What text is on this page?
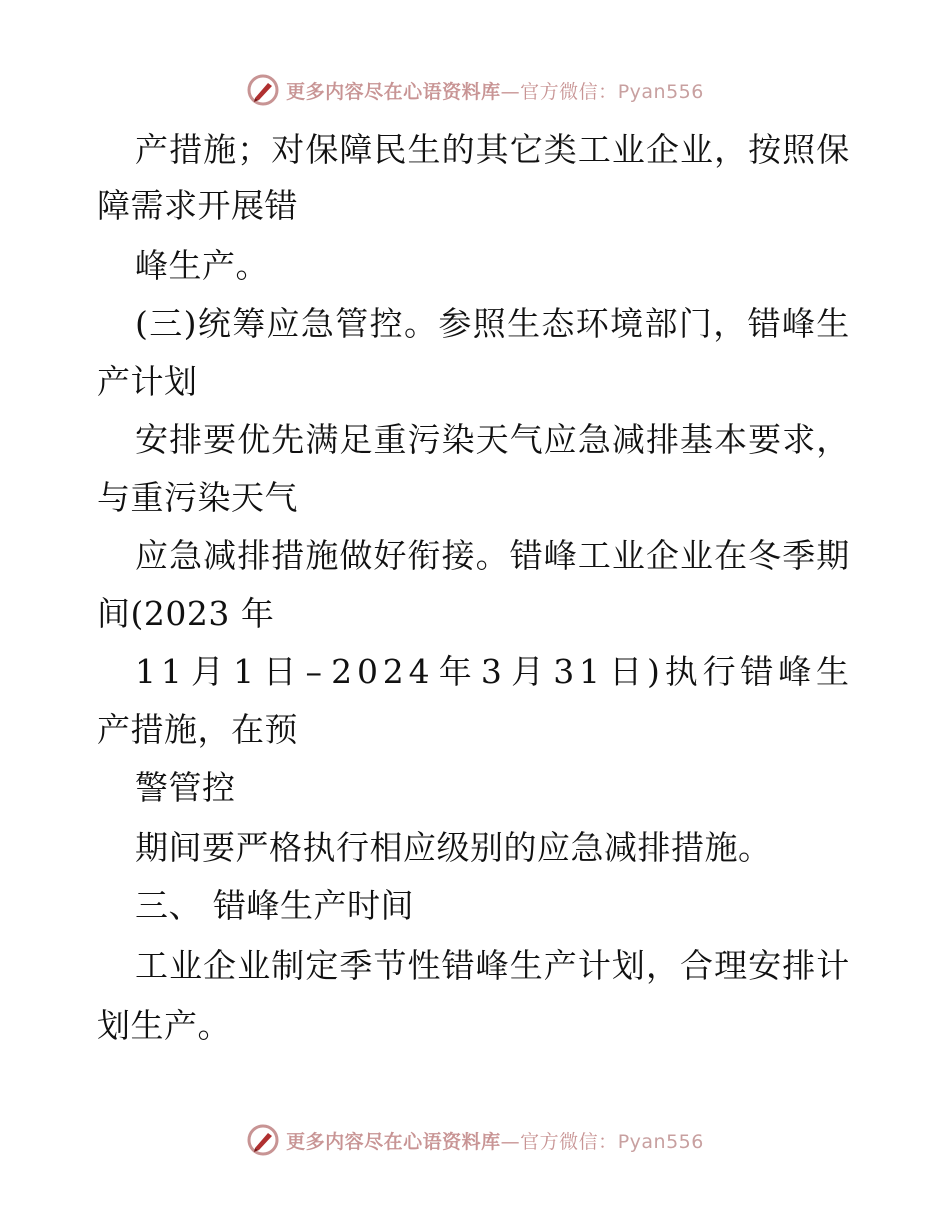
更多内容尽在心语资料库—官方微信：Pyan556
产 措 施 ； 对 保 障 民 生 的 其 它 类 工 业 企 业 ， 按 照 保
障需求开展错
峰生产。
( 三 ) 统 筹 应 急 管 控 。 参 照 生 态 环 境 部 门 ， 错 峰 生
产计划
安 排 要 优 先 满 足 重 污 染 天 气 应 急 减 排 基 本 要 求 ，
与重污染天气
应 急 减 排 措 施 做 好 衔 接 。 错 峰 工 业 企 业 在 冬 季 期
间(2023 年
1 1 月 1 日 – 2 0 2 4 年 3 月 3 1 日 ) 执 行 错 峰 生
产措施，在预
警管控
期间要严格执行相应级别的应急减排措施。
三、 错峰生产时间
工 业 企 业 制 定 季 节 性 错 峰 生 产 计 划 ， 合 理 安 排 计
划生产。
更多内容尽在心语资料库—官方微信：Pyan556
